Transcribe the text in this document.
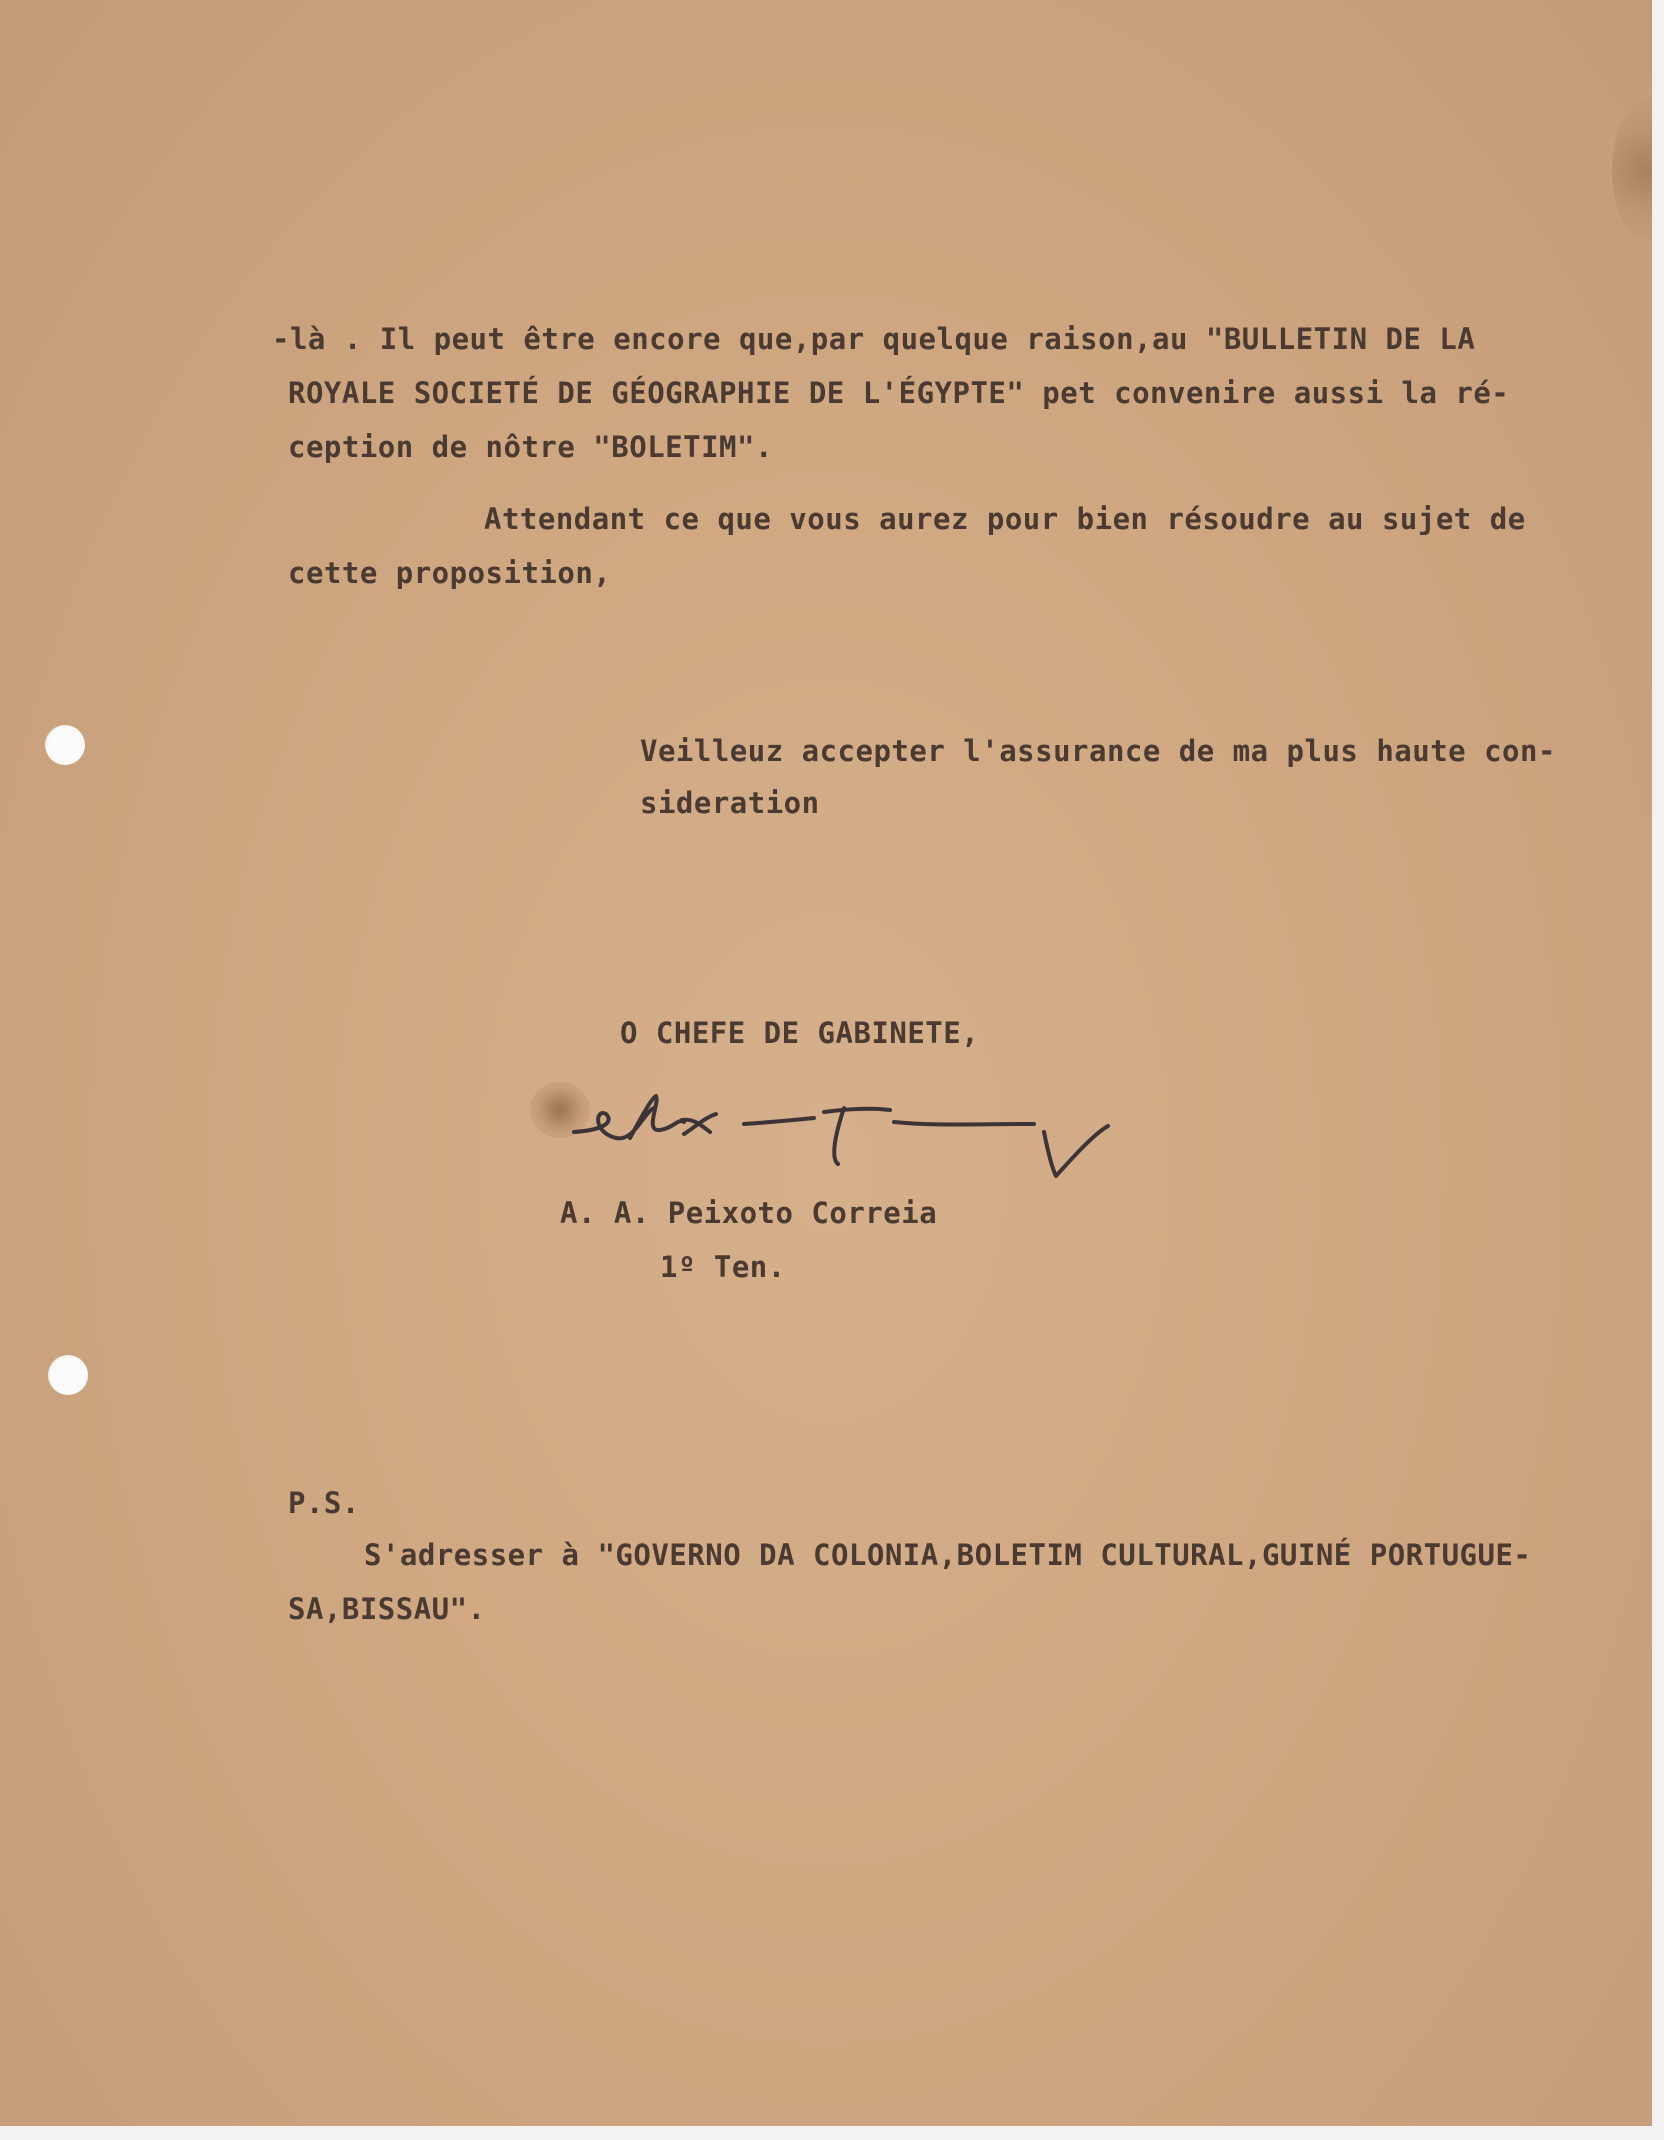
-là . Il peut être encore que,par quelque raison,au "BULLETIN DE LA

ROYALE SOCIETÉ DE GÉOGRAPHIE DE L'ÉGYPTE" pet convenire aussi la ré-

ception de nôtre "BOLETIM".

Attendant ce que vous aurez pour bien résoudre au sujet de

cette proposition,

Veilleuz accepter l'assurance de ma plus haute con-

sideration

O CHEFE DE GABINETE,

A. A. Peixoto Correia

1º Ten.

P.S.

S'adresser à "GOVERNO DA COLONIA,BOLETIM CULTURAL,GUINÉ PORTUGUE-

SA,BISSAU".
